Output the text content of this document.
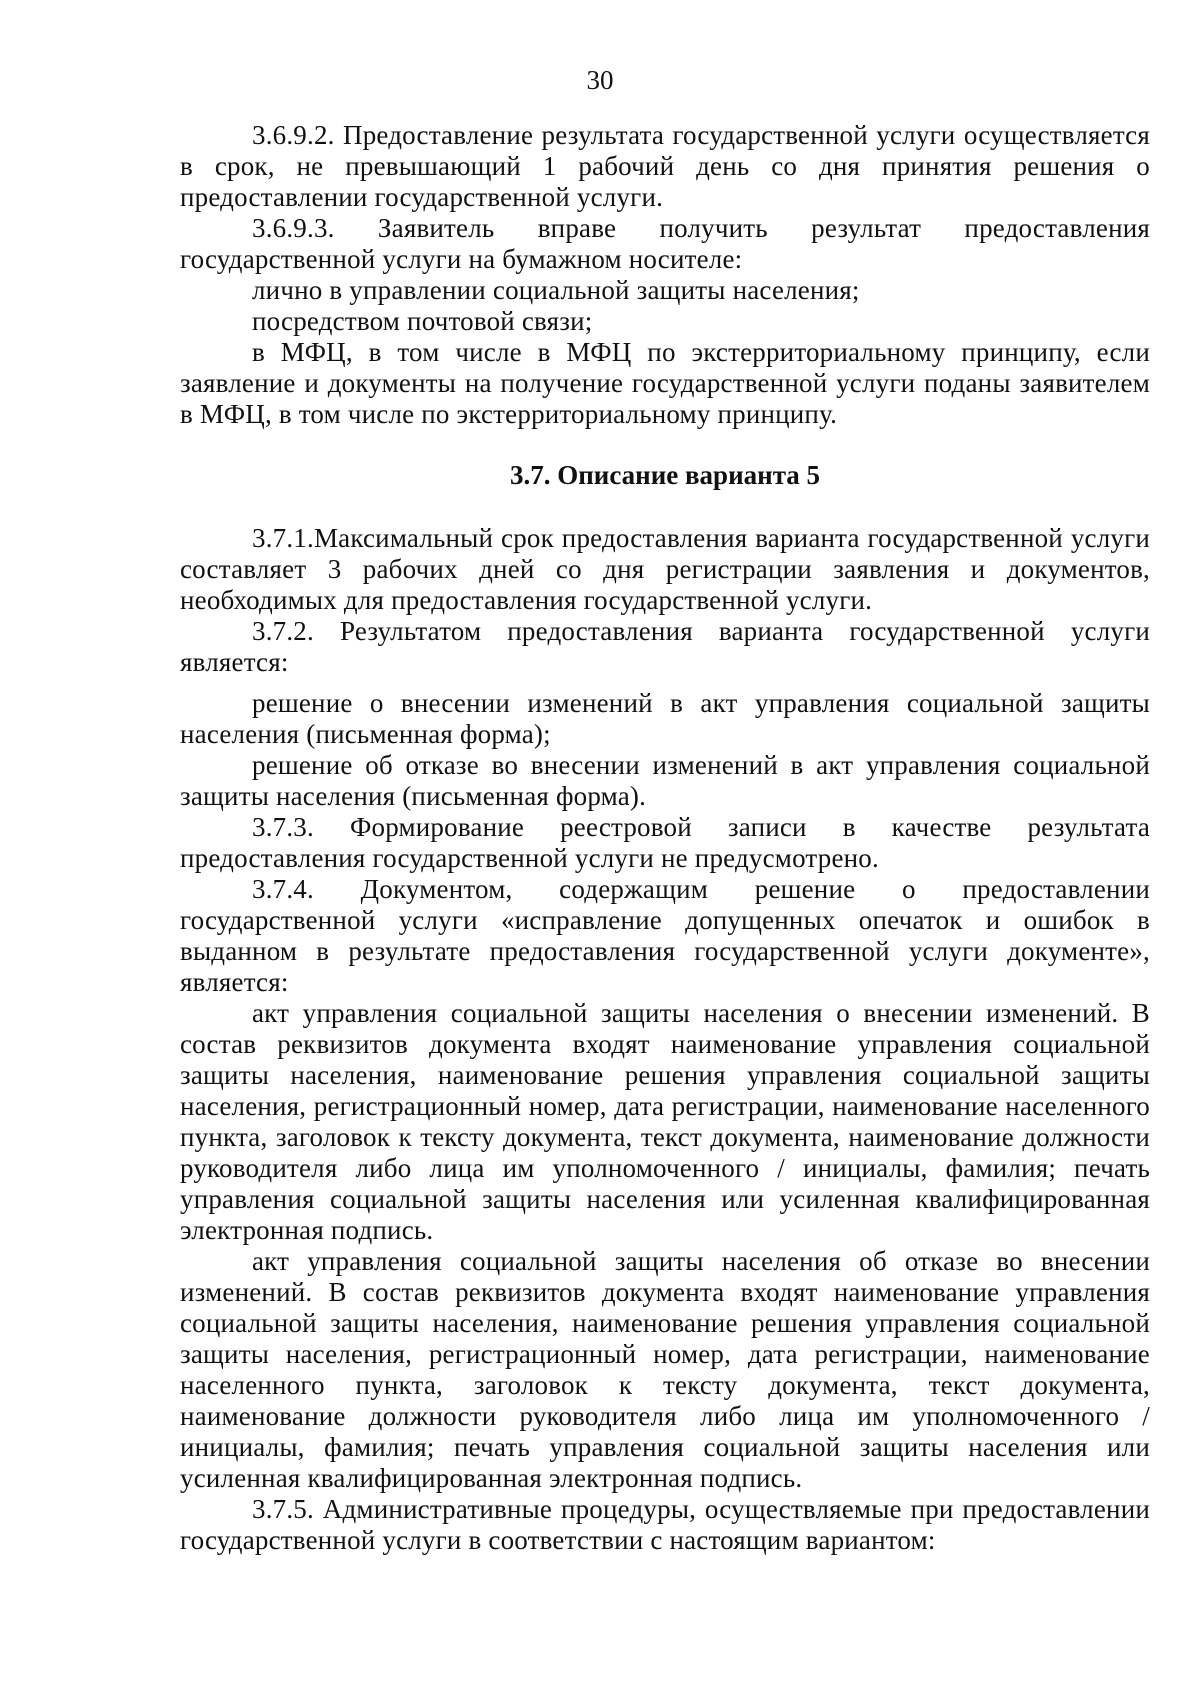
30

3.6.9.2. Предоставление результата государственной услуги осуществляется в срок, не превышающий 1 рабочий день со дня принятия решения о предоставлении государственной услуги.

3.6.9.3. Заявитель вправе получить результат предоставления государственной услуги на бумажном носителе:

лично в управлении социальной защиты населения;

посредством почтовой связи;

в МФЦ, в том числе в МФЦ по экстерриториальному принципу, если заявление и документы на получение государственной услуги поданы заявителем в МФЦ, в том числе по экстерриториальному принципу.

3.7. Описание варианта 5

3.7.1.Максимальный срок предоставления варианта государственной услуги составляет 3 рабочих дней со дня регистрации заявления и документов, необходимых для предоставления государственной услуги.

3.7.2. Результатом предоставления варианта государственной услуги является:

решение о внесении изменений в акт управления социальной защиты населения (письменная форма);

решение об отказе во внесении изменений в акт управления социальной защиты населения (письменная форма).

3.7.3. Формирование реестровой записи в качестве результата предоставления государственной услуги не предусмотрено.

3.7.4. Документом, содержащим решение о предоставлении государственной услуги «исправление допущенных опечаток и ошибок в выданном в результате предоставления государственной услуги документе», является:

акт управления социальной защиты населения о внесении изменений. В состав реквизитов документа входят наименование управления социальной защиты населения, наименование решения управления социальной защиты населения, регистрационный номер, дата регистрации, наименование населенного пункта, заголовок к тексту документа, текст документа, наименование должности руководителя либо лица им уполномоченного / инициалы, фамилия; печать управления социальной защиты населения или усиленная квалифицированная электронная подпись.

акт управления социальной защиты населения об отказе во внесении изменений. В состав реквизитов документа входят наименование управления социальной защиты населения, наименование решения управления социальной защиты населения, регистрационный номер, дата регистрации, наименование населенного пункта, заголовок к тексту документа, текст документа, наименование должности руководителя либо лица им уполномоченного / инициалы, фамилия; печать управления социальной защиты населения или усиленная квалифицированная электронная подпись.

3.7.5. Административные процедуры, осуществляемые при предоставлении государственной услуги в соответствии с настоящим вариантом:
